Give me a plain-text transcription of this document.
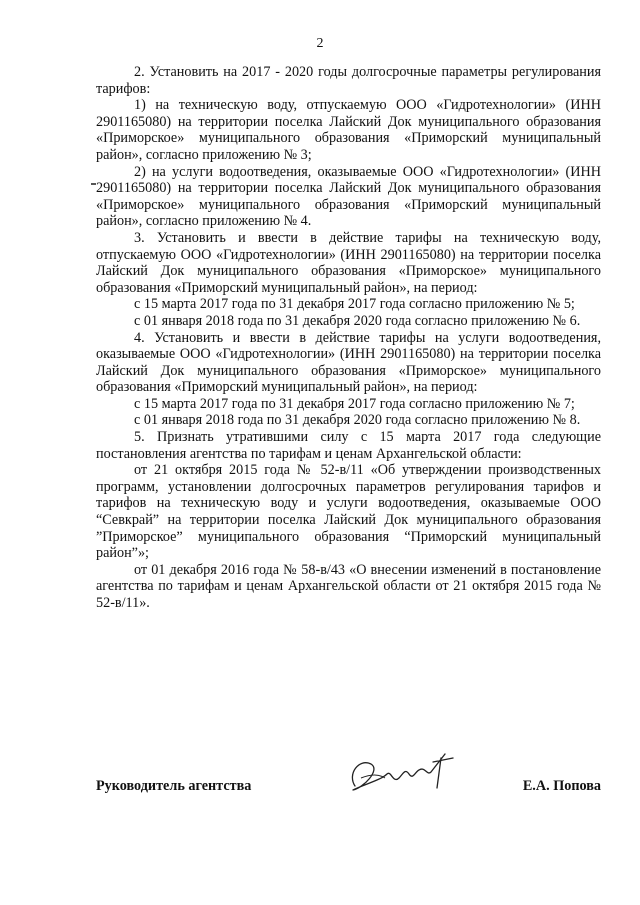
2

2. Установить на 2017 - 2020 годы долгосрочные параметры регулирования тарифов:

1) на техническую воду, отпускаемую ООО «Гидротехнологии» (ИНН 2901165080) на территории поселка Лайский Док муниципального образования «Приморское» муниципального образования «Приморский муниципальный район», согласно приложению № 3;

2) на услуги водоотведения, оказываемые ООО «Гидротехнологии» (ИНН 2901165080) на территории поселка Лайский Док муниципального образования «Приморское» муниципального образования «Приморский муниципальный район», согласно приложению № 4.

3. Установить и ввести в действие тарифы на техническую воду, отпускаемую ООО «Гидротехнологии» (ИНН 2901165080) на территории поселка Лайский Док муниципального образования «Приморское» муниципального образования «Приморский муниципальный район», на период:

с 15 марта 2017 года по 31 декабря 2017 года согласно приложению № 5;

с 01 января 2018 года по 31 декабря 2020 года согласно приложению № 6.

4. Установить и ввести в действие тарифы на услуги водоотведения, оказываемые ООО «Гидротехнологии» (ИНН 2901165080) на территории поселка Лайский Док муниципального образования «Приморское» муниципального образования «Приморский муниципальный район», на период:

с 15 марта 2017 года по 31 декабря 2017 года согласно приложению № 7;

с 01 января 2018 года по 31 декабря 2020 года согласно приложению № 8.

5. Признать утратившими силу с 15 марта 2017 года следующие постановления агентства по тарифам и ценам Архангельской области:

от 21 октября 2015 года № 52-в/11 «Об утверждении производственных программ, установлении долгосрочных параметров регулирования тарифов и тарифов на техническую воду и услуги водоотведения, оказываемые ООО “Севкрай” на территории поселка Лайский Док муниципального образования ”Приморское” муниципального образования “Приморский муниципальный район”»;

от 01 декабря 2016 года № 58-в/43 «О внесении изменений в постановление агентства по тарифам и ценам Архангельской области от 21 октября 2015 года № 52-в/11».

Руководитель агентства	Е.А. Попова
